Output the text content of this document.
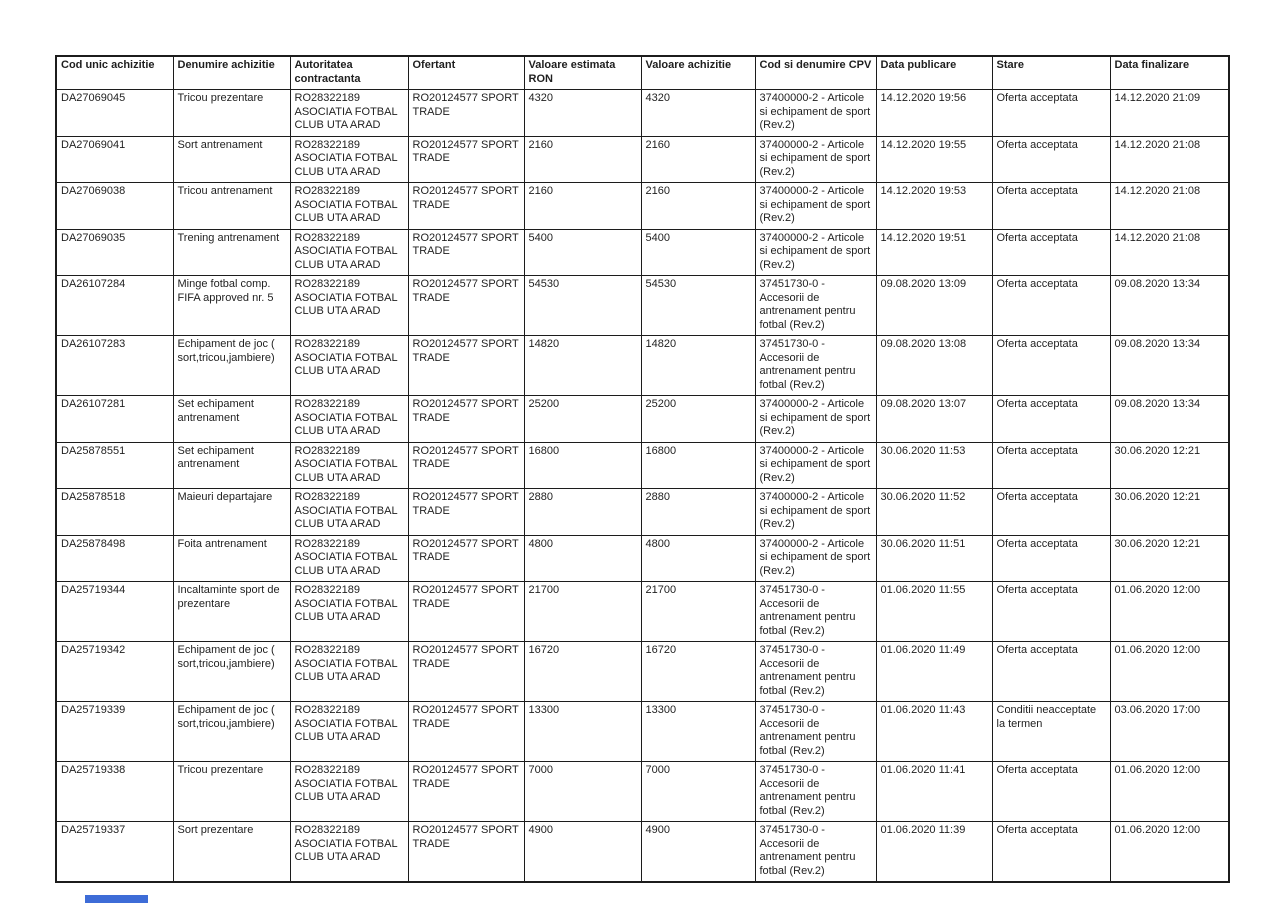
Cod unic achizitie	Denumire achizitie	Autoritatea contractanta	Ofertant	Valoare estimata RON	Valoare achizitie	Cod si denumire CPV	Data publicare	Stare	Data finalizare
DA27069045	Tricou prezentare	RO28322189 ASOCIATIA FOTBAL CLUB UTA ARAD	RO20124577 SPORT TRADE	4320	4320	37400000-2 - Articole si echipament de sport (Rev.2)	14.12.2020 19:56	Oferta acceptata	14.12.2020 21:09
DA27069041	Sort antrenament	RO28322189 ASOCIATIA FOTBAL CLUB UTA ARAD	RO20124577 SPORT TRADE	2160	2160	37400000-2 - Articole si echipament de sport (Rev.2)	14.12.2020 19:55	Oferta acceptata	14.12.2020 21:08
DA27069038	Tricou antrenament	RO28322189 ASOCIATIA FOTBAL CLUB UTA ARAD	RO20124577 SPORT TRADE	2160	2160	37400000-2 - Articole si echipament de sport (Rev.2)	14.12.2020 19:53	Oferta acceptata	14.12.2020 21:08
DA27069035	Trening antrenament	RO28322189 ASOCIATIA FOTBAL CLUB UTA ARAD	RO20124577 SPORT TRADE	5400	5400	37400000-2 - Articole si echipament de sport (Rev.2)	14.12.2020 19:51	Oferta acceptata	14.12.2020 21:08
DA26107284	Minge fotbal comp. FIFA approved nr. 5	RO28322189 ASOCIATIA FOTBAL CLUB UTA ARAD	RO20124577 SPORT TRADE	54530	54530	37451730-0 - Accesorii de antrenament pentru fotbal (Rev.2)	09.08.2020 13:09	Oferta acceptata	09.08.2020 13:34
DA26107283	Echipament de joc ( sort,tricou,jambiere)	RO28322189 ASOCIATIA FOTBAL CLUB UTA ARAD	RO20124577 SPORT TRADE	14820	14820	37451730-0 - Accesorii de antrenament pentru fotbal (Rev.2)	09.08.2020 13:08	Oferta acceptata	09.08.2020 13:34
DA26107281	Set echipament antrenament	RO28322189 ASOCIATIA FOTBAL CLUB UTA ARAD	RO20124577 SPORT TRADE	25200	25200	37400000-2 - Articole si echipament de sport (Rev.2)	09.08.2020 13:07	Oferta acceptata	09.08.2020 13:34
DA25878551	Set echipament antrenament	RO28322189 ASOCIATIA FOTBAL CLUB UTA ARAD	RO20124577 SPORT TRADE	16800	16800	37400000-2 - Articole si echipament de sport (Rev.2)	30.06.2020 11:53	Oferta acceptata	30.06.2020 12:21
DA25878518	Maieuri departajare	RO28322189 ASOCIATIA FOTBAL CLUB UTA ARAD	RO20124577 SPORT TRADE	2880	2880	37400000-2 - Articole si echipament de sport (Rev.2)	30.06.2020 11:52	Oferta acceptata	30.06.2020 12:21
DA25878498	Foita antrenament	RO28322189 ASOCIATIA FOTBAL CLUB UTA ARAD	RO20124577 SPORT TRADE	4800	4800	37400000-2 - Articole si echipament de sport (Rev.2)	30.06.2020 11:51	Oferta acceptata	30.06.2020 12:21
DA25719344	Incaltaminte sport de prezentare	RO28322189 ASOCIATIA FOTBAL CLUB UTA ARAD	RO20124577 SPORT TRADE	21700	21700	37451730-0 - Accesorii de antrenament pentru fotbal (Rev.2)	01.06.2020 11:55	Oferta acceptata	01.06.2020 12:00
DA25719342	Echipament de joc ( sort,tricou,jambiere)	RO28322189 ASOCIATIA FOTBAL CLUB UTA ARAD	RO20124577 SPORT TRADE	16720	16720	37451730-0 - Accesorii de antrenament pentru fotbal (Rev.2)	01.06.2020 11:49	Oferta acceptata	01.06.2020 12:00
DA25719339	Echipament de joc ( sort,tricou,jambiere)	RO28322189 ASOCIATIA FOTBAL CLUB UTA ARAD	RO20124577 SPORT TRADE	13300	13300	37451730-0 - Accesorii de antrenament pentru fotbal (Rev.2)	01.06.2020 11:43	Conditii neacceptate la termen	03.06.2020 17:00
DA25719338	Tricou prezentare	RO28322189 ASOCIATIA FOTBAL CLUB UTA ARAD	RO20124577 SPORT TRADE	7000	7000	37451730-0 - Accesorii de antrenament pentru fotbal (Rev.2)	01.06.2020 11:41	Oferta acceptata	01.06.2020 12:00
DA25719337	Sort prezentare	RO28322189 ASOCIATIA FOTBAL CLUB UTA ARAD	RO20124577 SPORT TRADE	4900	4900	37451730-0 - Accesorii de antrenament pentru fotbal (Rev.2)	01.06.2020 11:39	Oferta acceptata	01.06.2020 12:00
